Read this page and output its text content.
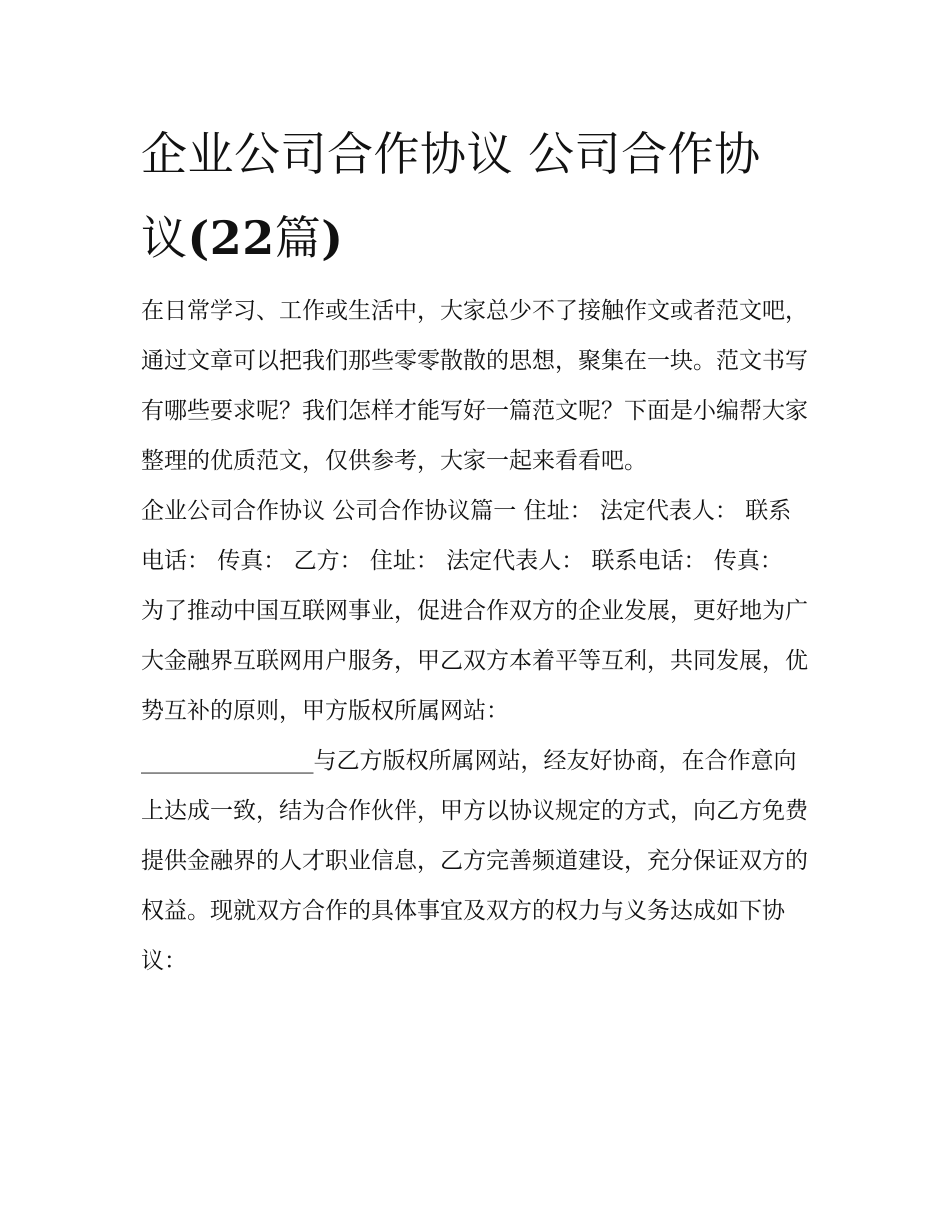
企业公司合作协议 公司合作协
议(22篇)

在日常学习、工作或生活中，大家总少不了接触作文或者范文吧，通过文章可以把我们那些零零散散的思想，聚集在一块。范文书写有哪些要求呢？我们怎样才能写好一篇范文呢？下面是小编帮大家整理的优质范文，仅供参考，大家一起来看看吧。

企业公司合作协议 公司合作协议篇一 住址： 法定代表人： 联系电话： 传真： 乙方： 住址： 法定代表人： 联系电话： 传真：

为了推动中国互联网事业，促进合作双方的企业发展，更好地为广大金融界互联网用户服务，甲乙双方本着平等互利，共同发展，优势互补的原则，甲方版权所属网站：

_______________与乙方版权所属网站，经友好协商，在合作意向上达成一致，结为合作伙伴，甲方以协议规定的方式，向乙方免费提供金融界的人才职业信息，乙方完善频道建设，充分保证双方的权益。现就双方合作的具体事宜及双方的权力与义务达成如下协议：
